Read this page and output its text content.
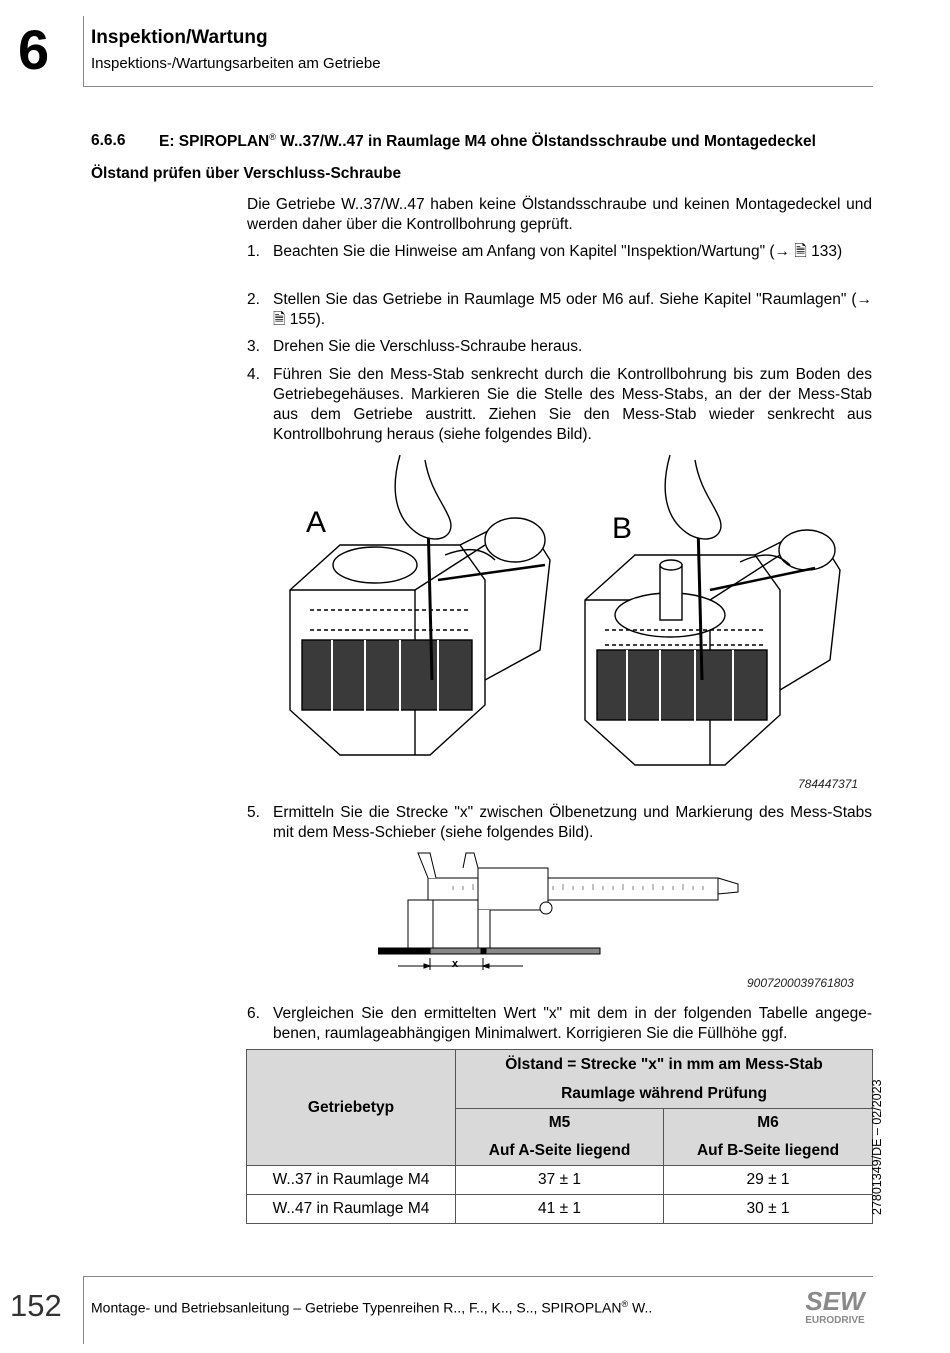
6 Inspektion/Wartung
Inspektions-/Wartungsarbeiten am Getriebe
6.6.6 E: SPIROPLAN® W..37/W..47 in Raumlage M4 ohne Ölstandsschraube und Montagedeckel
Ölstand prüfen über Verschluss-Schraube
Die Getriebe W..37/W..47 haben keine Ölstandsschraube und keinen Montagedeckel und werden daher über die Kontrollbohrung geprüft.
1. Beachten Sie die Hinweise am Anfang von Kapitel "Inspektion/Wartung" (→ 🗎 133)
2. Stellen Sie das Getriebe in Raumlage M5 oder M6 auf. Siehe Kapitel "Raumlagen" (→ 🗎 155).
3. Drehen Sie die Verschluss-Schraube heraus.
4. Führen Sie den Mess-Stab senkrecht durch die Kontrollbohrung bis zum Boden des Getriebegehäuses. Markieren Sie die Stelle des Mess-Stabs, an der der Mess-Stab aus dem Getriebe austritt. Ziehen Sie den Mess-Stab wieder senkrecht aus Kontrollbohrung heraus (siehe folgendes Bild).
A	B
784447371
5. Ermitteln Sie die Strecke "x" zwischen Ölbenetzung und Markierung des Mess-Stabs mit dem Mess-Schieber (siehe folgendes Bild).
x
9007200039761803
6. Vergleichen Sie den ermittelten Wert "x" mit dem in der folgenden Tabelle angegebenen, raumlageabhängigen Minimalwert. Korrigieren Sie die Füllhöhe ggf.
Getriebetyp	Ölstand = Strecke "x" in mm am Mess-Stab	
	Raumlage während Prüfung	
	M5	M6
	Auf A-Seite liegend	Auf B-Seite liegend
W..37 in Raumlage M4	37 ± 1	29 ± 1
W..47 in Raumlage M4	41 ± 1	30 ± 1	27801349/DE – 02/2023
152 Montage- und Betriebsanleitung – Getriebe Typenreihen R.., F.., K.., S.., SPIROPLAN® W..	SEW
EURODRIVE
